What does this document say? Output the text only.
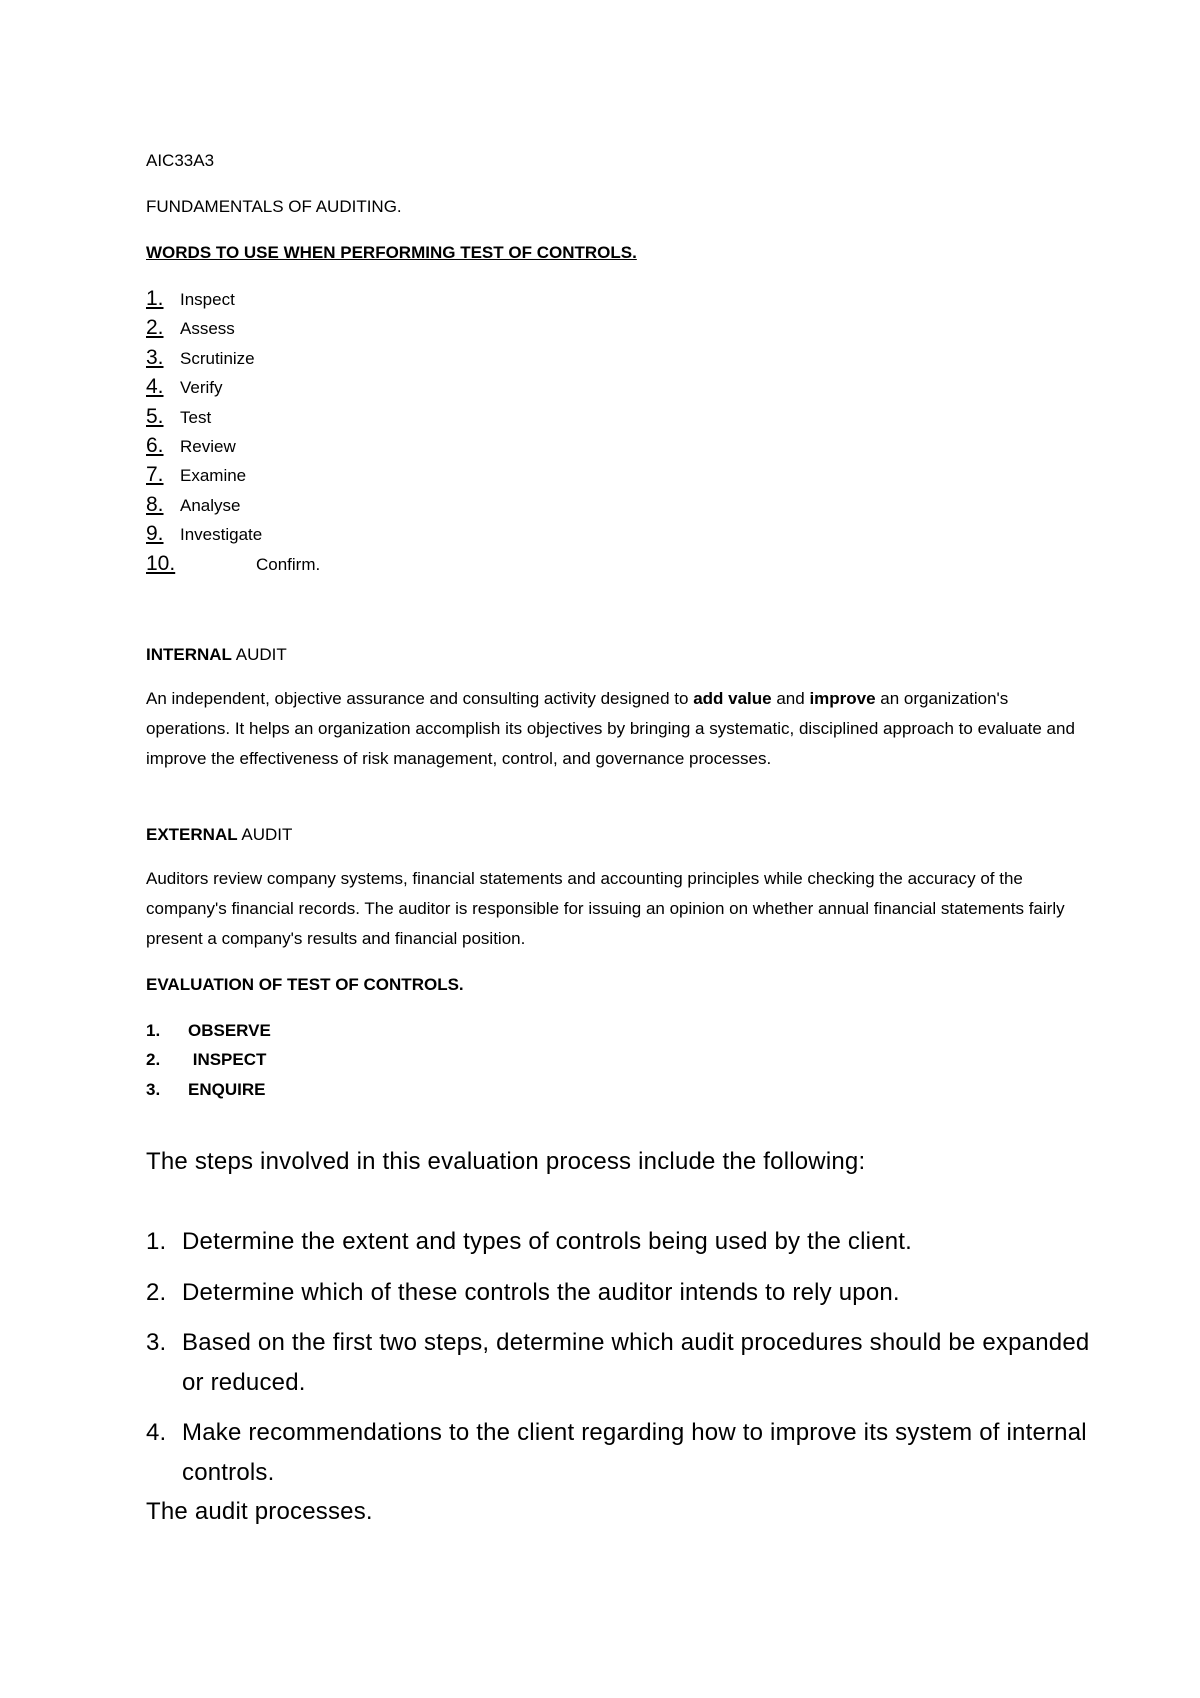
AIC33A3
FUNDAMENTALS OF AUDITING.
WORDS TO USE WHEN PERFORMING TEST OF CONTROLS.
1. Inspect
2. Assess
3. Scrutinize
4. Verify
5. Test
6. Review
7. Examine
8. Analyse
9. Investigate
10.	Confirm.
INTERNAL AUDIT
An independent, objective assurance and consulting activity designed to add value and improve an organization's operations. It helps an organization accomplish its objectives by bringing a systematic, disciplined approach to evaluate and improve the effectiveness of risk management, control, and governance processes.
EXTERNAL AUDIT
Auditors review company systems, financial statements and accounting principles while checking the accuracy of the company's financial records. The auditor is responsible for issuing an opinion on whether annual financial statements fairly present a company's results and financial position.
EVALUATION OF TEST OF CONTROLS.
1. OBSERVE
2. INSPECT
3. ENQUIRE
The steps involved in this evaluation process include the following:
1. Determine the extent and types of controls being used by the client.
2. Determine which of these controls the auditor intends to rely upon.
3. Based on the first two steps, determine which audit procedures should be expanded or reduced.
4. Make recommendations to the client regarding how to improve its system of internal controls.
The audit processes.
